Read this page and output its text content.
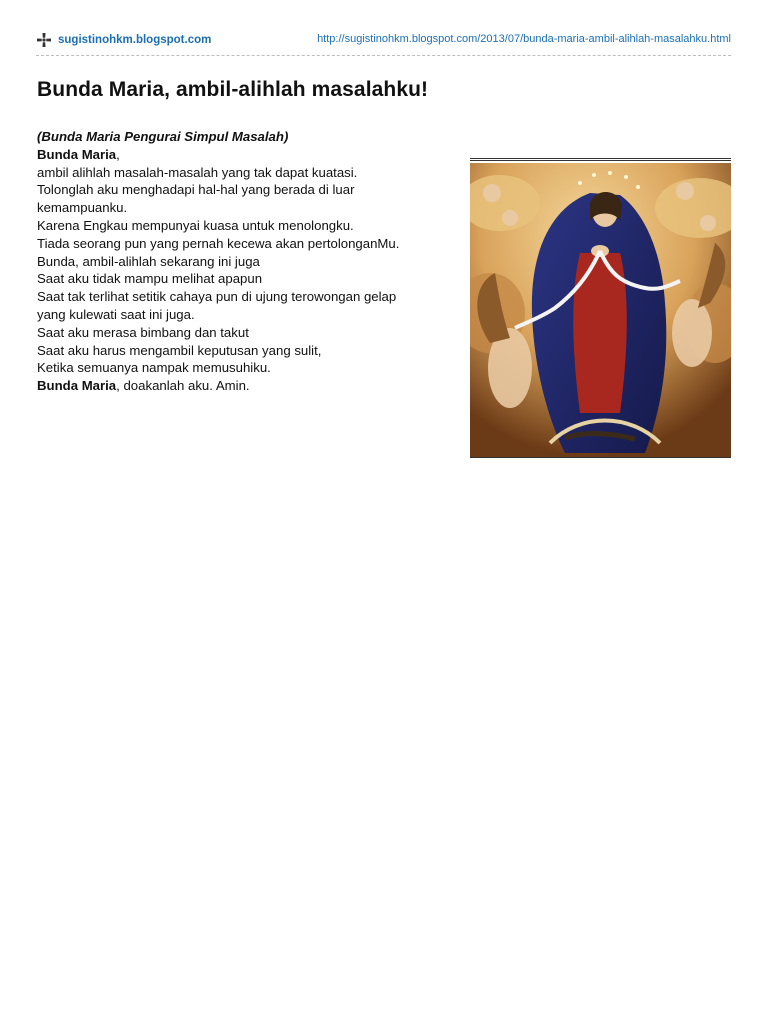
sugistinohkm.blogspot.com	http://sugistinohkm.blogspot.com/2013/07/bunda-maria-ambil-alihlah-masalahku.html
Bunda Maria, ambil-alihlah masalahku!
(Bunda Maria Pengurai Simpul Masalah)
Bunda Maria,
ambil alihlah masalah-masalah yang tak dapat kuatasi.
Tolonglah aku menghadapi hal-hal yang berada di luar
kemampuanku.
Karena Engkau mempunyai kuasa untuk menolongku.
Tiada seorang pun yang pernah kecewa akan pertolonganMu.
Bunda, ambil-alihlah sekarang ini juga
Saat aku tidak mampu melihat apapun
Saat tak terlihat setitik cahaya pun di ujung terowongan gelap
yang kulewati saat ini juga.
Saat aku merasa bimbang dan takut
Saat aku harus mengambil keputusan yang sulit,
Ketika semuanya nampak memusuhiku.
Bunda Maria, doakanlah aku. Amin.
